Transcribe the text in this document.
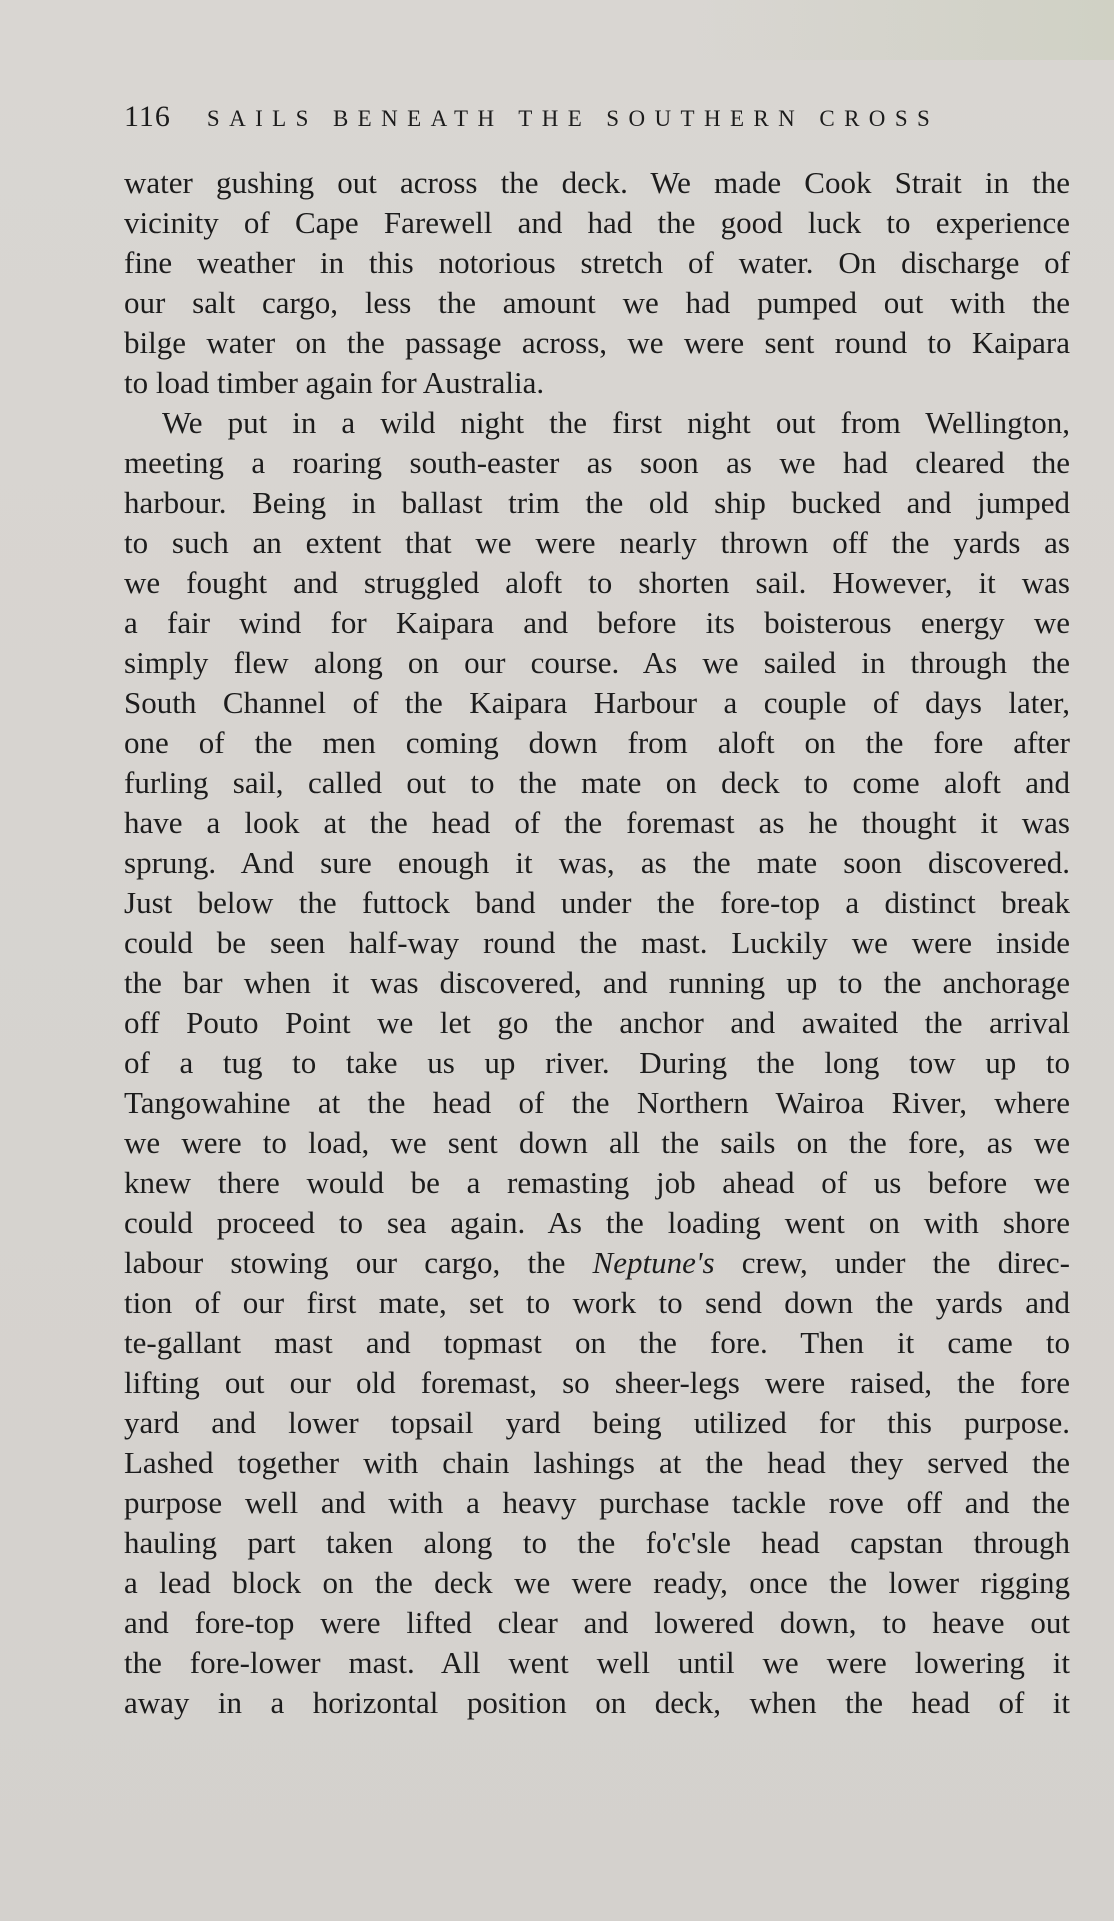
116 SAILS BENEATH THE SOUTHERN CROSS
water gushing out across the deck. We made Cook Strait in the
vicinity of Cape Farewell and had the good luck to experience
fine weather in this notorious stretch of water. On discharge of
our salt cargo, less the amount we had pumped out with the
bilge water on the passage across, we were sent round to Kaipara
to load timber again for Australia.
We put in a wild night the first night out from Wellington,
meeting a roaring south-easter as soon as we had cleared the
harbour. Being in ballast trim the old ship bucked and jumped
to such an extent that we were nearly thrown off the yards as
we fought and struggled aloft to shorten sail. However, it was
a fair wind for Kaipara and before its boisterous energy we
simply flew along on our course. As we sailed in through the
South Channel of the Kaipara Harbour a couple of days later,
one of the men coming down from aloft on the fore after
furling sail, called out to the mate on deck to come aloft and
have a look at the head of the foremast as he thought it was
sprung. And sure enough it was, as the mate soon discovered.
Just below the futtock band under the fore-top a distinct break
could be seen half-way round the mast. Luckily we were inside
the bar when it was discovered, and running up to the anchorage
off Pouto Point we let go the anchor and awaited the arrival
of a tug to take us up river. During the long tow up to
Tangowahine at the head of the Northern Wairoa River, where
we were to load, we sent down all the sails on the fore, as we
knew there would be a remasting job ahead of us before we
could proceed to sea again. As the loading went on with shore
labour stowing our cargo, the Neptune's crew, under the direc-
tion of our first mate, set to work to send down the yards and
te-gallant mast and topmast on the fore. Then it came to
lifting out our old foremast, so sheer-legs were raised, the fore
yard and lower topsail yard being utilized for this purpose.
Lashed together with chain lashings at the head they served the
purpose well and with a heavy purchase tackle rove off and the
hauling part taken along to the fo'c'sle head capstan through
a lead block on the deck we were ready, once the lower rigging
and fore-top were lifted clear and lowered down, to heave out
the fore-lower mast. All went well until we were lowering it
away in a horizontal position on deck, when the head of it
